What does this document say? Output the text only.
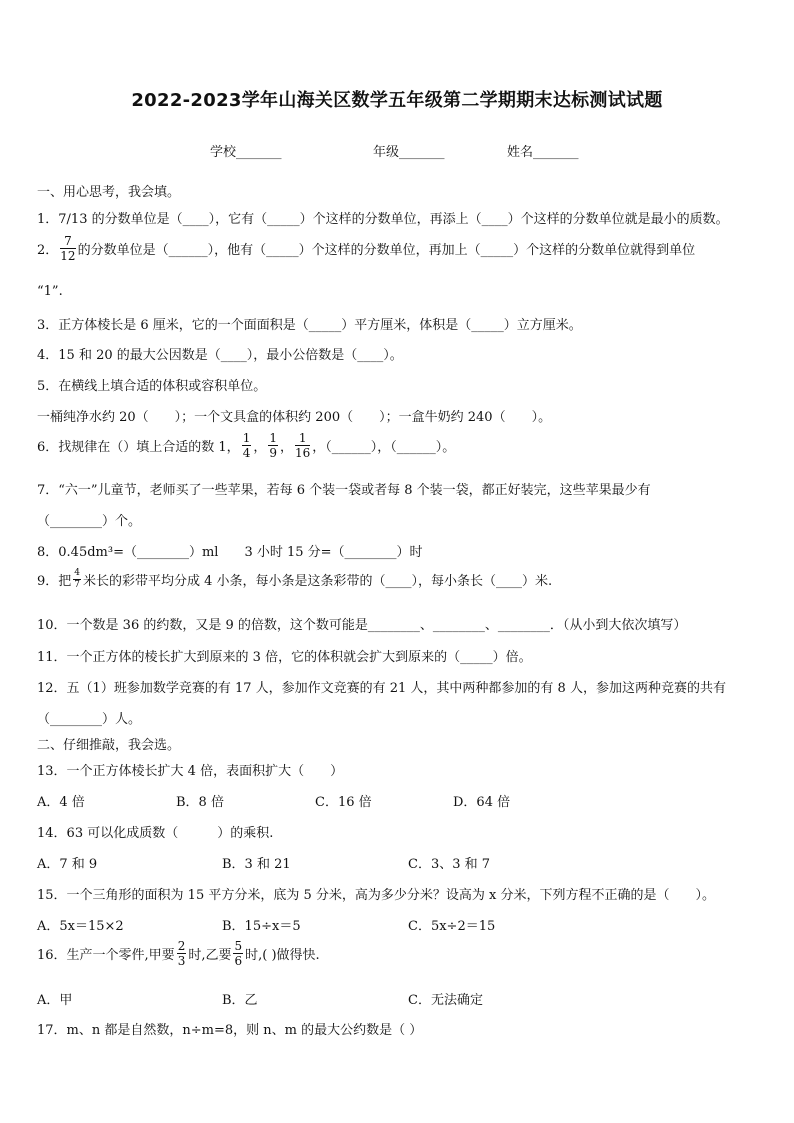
2022-2023学年山海关区数学五年级第二学期期末达标测试试题
学校_______	年级_______	姓名_______
一、用心思考，我会填。
1．7/13 的分数单位是（____），它有（_____）个这样的分数单位，再添上（____）个这样的分数单位就是最小的质数。
2． $\frac{7}{12}$ 的分数单位是（______），他有（_____）个这样的分数单位，再加上（_____）个这样的分数单位就得到单位
“1”.
3．正方体棱长是 6 厘米，它的一个面面积是（_____）平方厘米，体积是（_____）立方厘米。
4．15 和 20 的最大公因数是（____），最小公倍数是（____）。
5．在横线上填合适的体积或容积单位。
一桶纯净水约 20（　　）；一个文具盒的体积约 200（　　）；一盒牛奶约 240（　　）。
6．找规律在（）填上合适的数 1， $\frac{1}{4}$ ， $\frac{1}{9}$ ， $\frac{1}{16}$ ，（______），（______）。
7．“六一”儿童节，老师买了一些苹果，若每 6 个装一袋或者每 8 个装一袋，都正好装完，这些苹果最少有
（________）个。
8．0.45dm³=（________）ml　　3 小时 15 分=（________）时
9．把 $\frac{4}{7}$ 米长的彩带平均分成 4 小条，每小条是这条彩带的（____），每小条长（____）米.
10．一个数是 36 的约数，又是 9 的倍数，这个数可能是________、________、________．（从小到大依次填写）
11．一个正方体的棱长扩大到原来的 3 倍，它的体积就会扩大到原来的（_____）倍。
12．五（1）班参加数学竞赛的有 17 人，参加作文竞赛的有 21 人，其中两种都参加的有 8 人，参加这两种竞赛的共有
（________）人。
二、仔细推敲，我会选。
13．一个正方体棱长扩大 4 倍，表面积扩大（　　）
A．4 倍	B．8 倍	C．16 倍	D．64 倍
14．63 可以化成质数（　　　）的乘积.
A．7 和 9	B．3 和 21	C．3、3 和 7
15．一个三角形的面积为 15 平方分米，底为 5 分米，高为多少分米？设高为 x 分米，下列方程不正确的是（　　）。
A．5x＝15×2	B．15÷x＝5	C．5x÷2＝15
16．生产一个零件,甲要 $\frac{2}{3}$ 时,乙要 $\frac{5}{6}$ 时,( )做得快.
A．甲	B．乙	C．无法确定
17．m、n 都是自然数，n÷m=8，则 n、m 的最大公约数是（ ）
